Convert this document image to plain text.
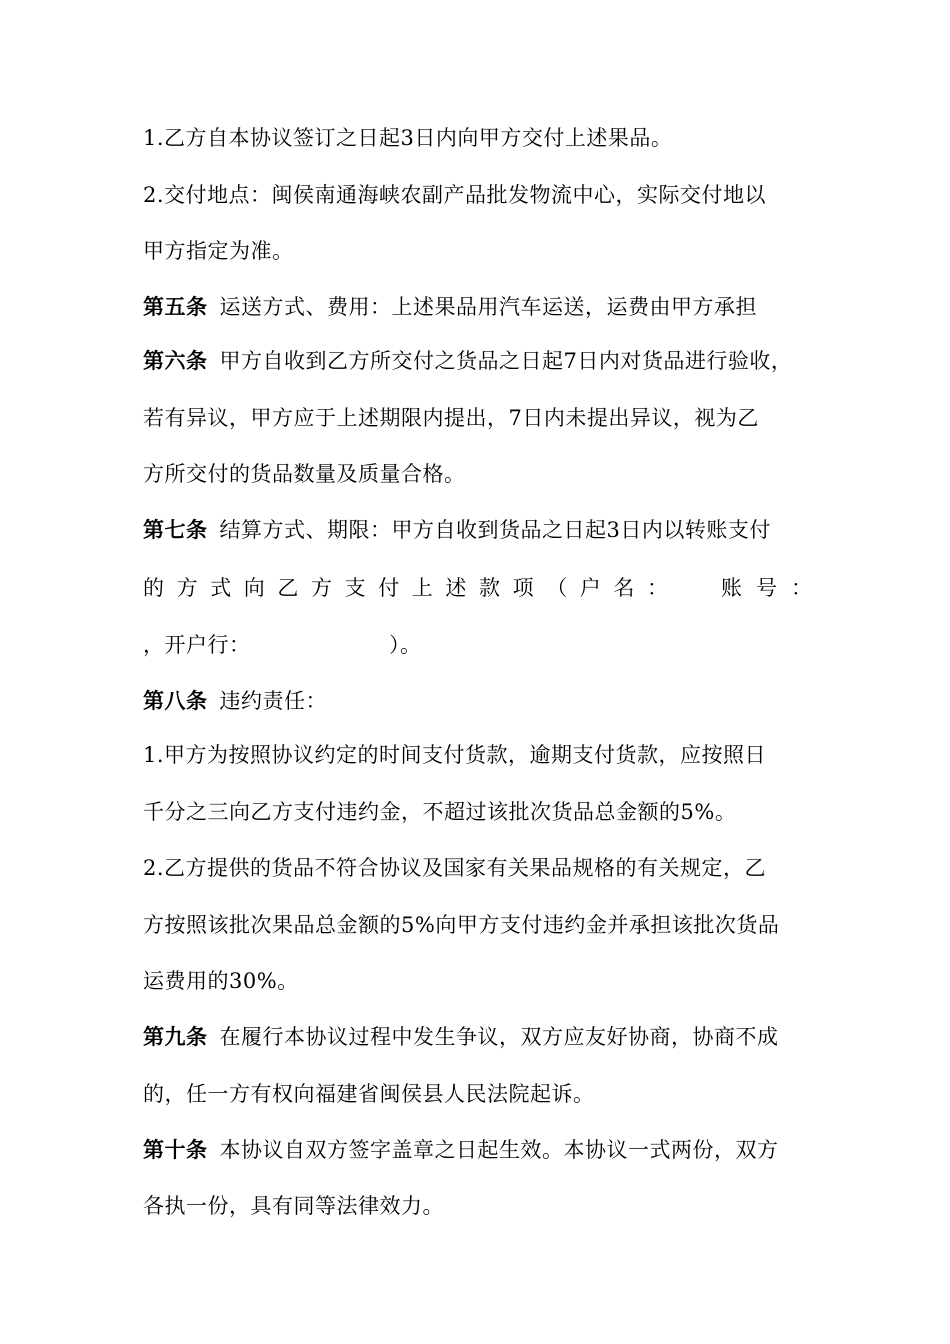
1.乙方自本协议签订之日起3日内向甲方交付上述果品。
2.交付地点：闽侯南通海峡农副产品批发物流中心，实际交付地以
甲方指定为准。
第五条 运送方式、费用：上述果品用汽车运送，运费由甲方承担
第六条 甲方自收到乙方所交付之货品之日起7日内对货品进行验收，
若有异议，甲方应于上述期限内提出，7日内未提出异议，视为乙
方所交付的货品数量及质量合格。
第七条 结算方式、期限：甲方自收到货品之日起3日内以转账支付
的方式向乙方支付上述款项（户名： 账号：
，开户行：	）。
第八条 违约责任：
1.甲方为按照协议约定的时间支付货款，逾期支付货款，应按照日
千分之三向乙方支付违约金，不超过该批次货品总金额的5%。
2.乙方提供的货品不符合协议及国家有关果品规格的有关规定，乙
方按照该批次果品总金额的5%向甲方支付违约金并承担该批次货品
运费用的30%。
第九条 在履行本协议过程中发生争议，双方应友好协商，协商不成
的，任一方有权向福建省闽侯县人民法院起诉。
第十条 本协议自双方签字盖章之日起生效。本协议一式两份，双方
各执一份，具有同等法律效力。
